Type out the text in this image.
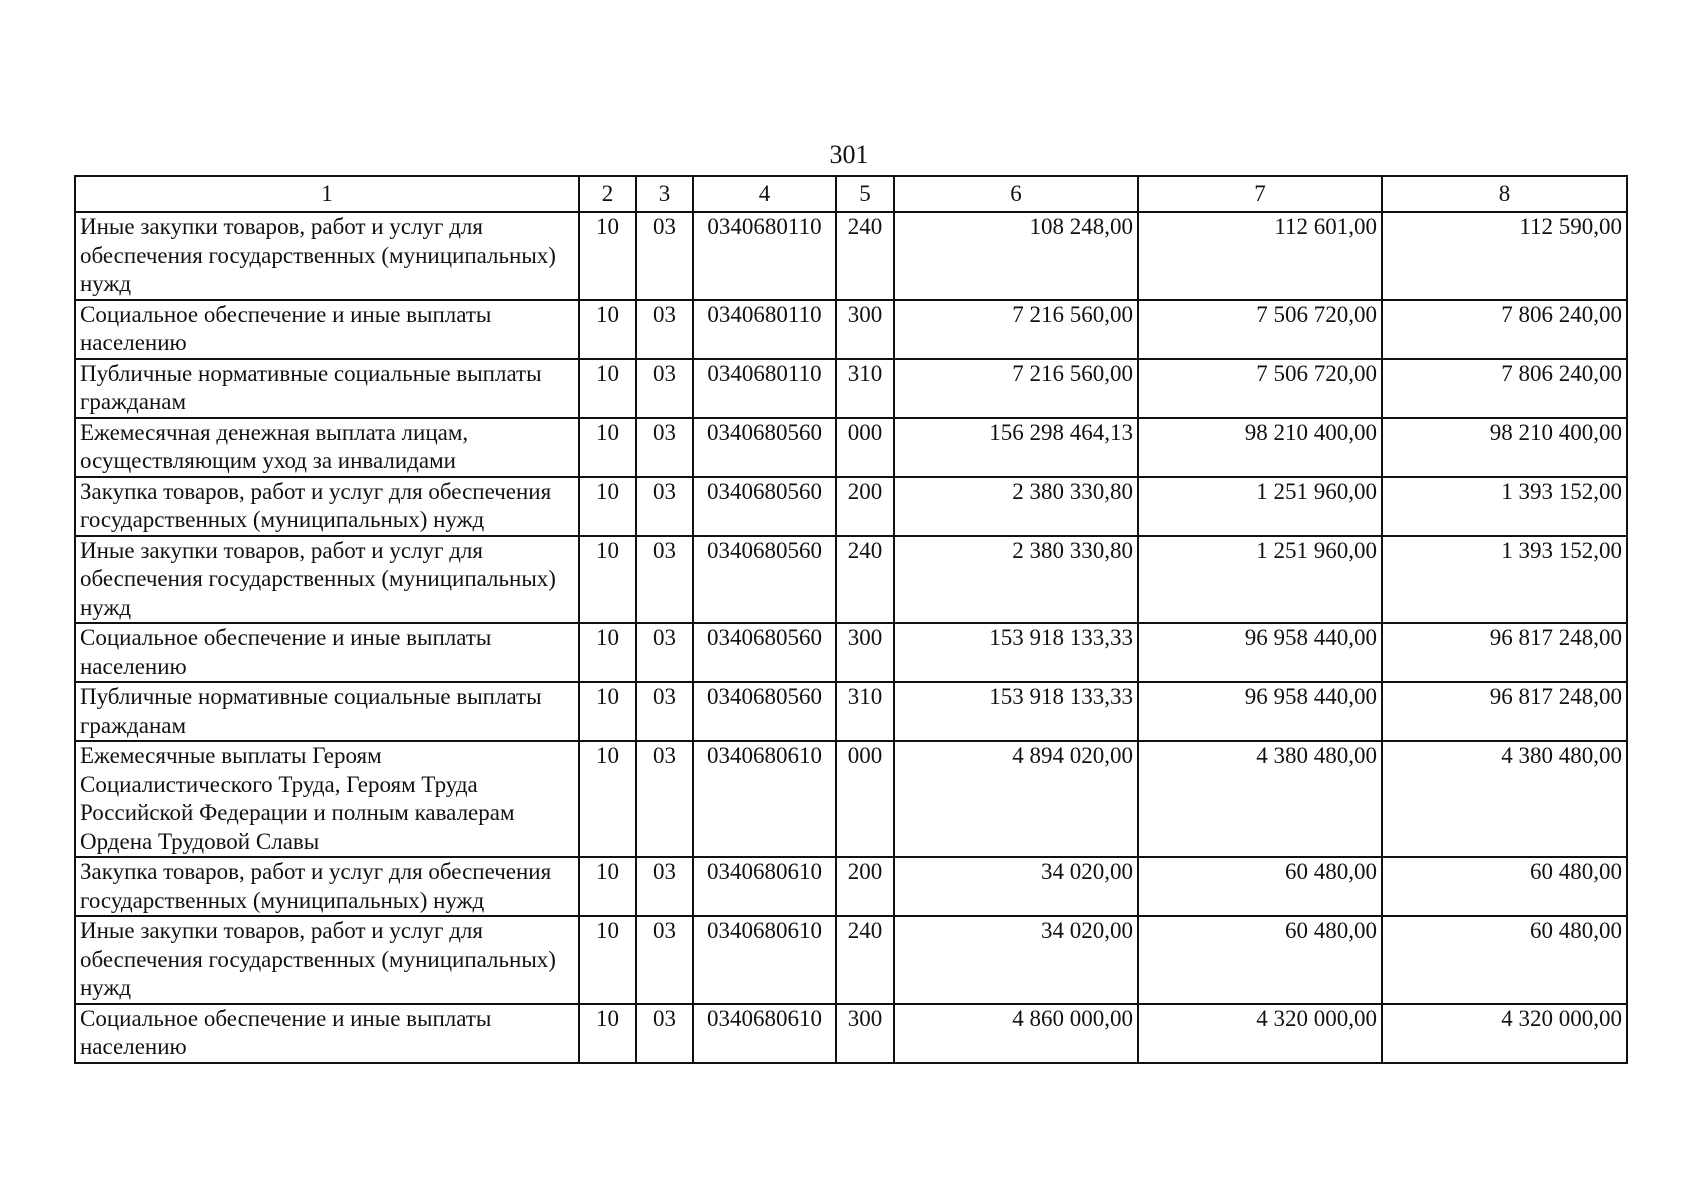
301
1	2	3	4	5	6	7	8
Иные закупки товаров, работ и услуг для обеспечения государственных (муниципальных) нужд	10	03	0340680110	240	108 248,00	112 601,00	112 590,00
Социальное обеспечение и иные выплаты населению	10	03	0340680110	300	7 216 560,00	7 506 720,00	7 806 240,00
Публичные нормативные социальные выплаты гражданам	10	03	0340680110	310	7 216 560,00	7 506 720,00	7 806 240,00
Ежемесячная денежная выплата лицам, осуществляющим уход за инвалидами	10	03	0340680560	000	156 298 464,13	98 210 400,00	98 210 400,00
Закупка товаров, работ и услуг для обеспечения государственных (муниципальных) нужд	10	03	0340680560	200	2 380 330,80	1 251 960,00	1 393 152,00
Иные закупки товаров, работ и услуг для обеспечения государственных (муниципальных) нужд	10	03	0340680560	240	2 380 330,80	1 251 960,00	1 393 152,00
Социальное обеспечение и иные выплаты населению	10	03	0340680560	300	153 918 133,33	96 958 440,00	96 817 248,00
Публичные нормативные социальные выплаты гражданам	10	03	0340680560	310	153 918 133,33	96 958 440,00	96 817 248,00
Ежемесячные выплаты Героям Социалистического Труда, Героям Труда Российской Федерации и полным кавалерам Ордена Трудовой Славы	10	03	0340680610	000	4 894 020,00	4 380 480,00	4 380 480,00
Закупка товаров, работ и услуг для обеспечения государственных (муниципальных) нужд	10	03	0340680610	200	34 020,00	60 480,00	60 480,00
Иные закупки товаров, работ и услуг для обеспечения государственных (муниципальных) нужд	10	03	0340680610	240	34 020,00	60 480,00	60 480,00
Социальное обеспечение и иные выплаты населению	10	03	0340680610	300	4 860 000,00	4 320 000,00	4 320 000,00
